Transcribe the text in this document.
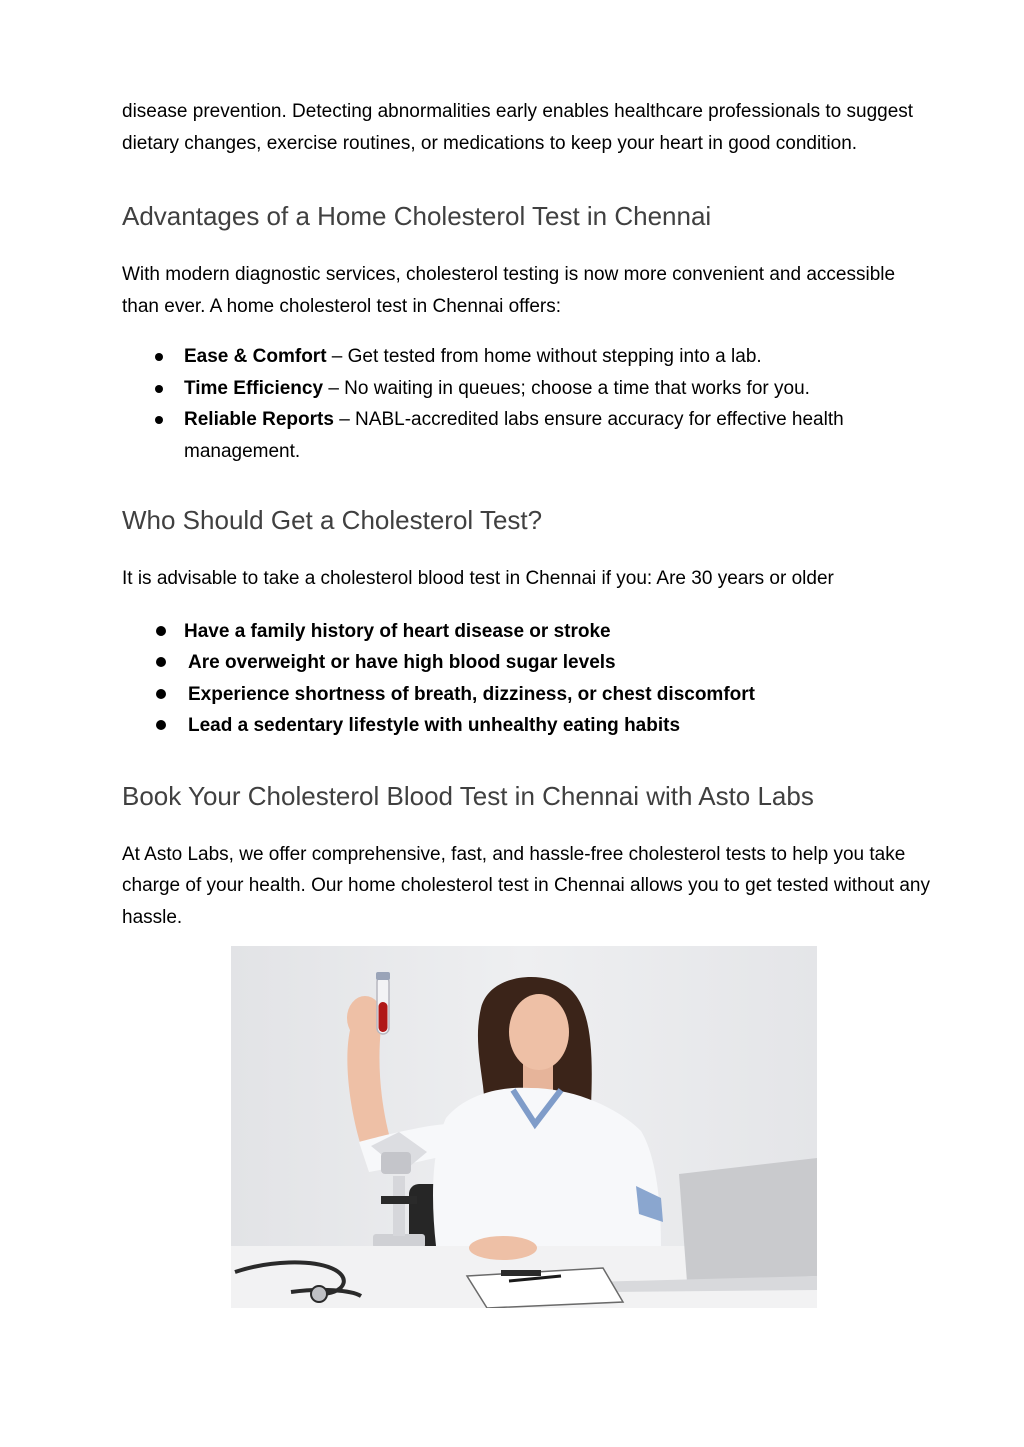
disease prevention. Detecting abnormalities early enables healthcare professionals to suggest dietary changes, exercise routines, or medications to keep your heart in good condition.

Advantages of a Home Cholesterol Test in Chennai

With modern diagnostic services, cholesterol testing is now more convenient and accessible than ever. A home cholesterol test in Chennai offers:

Ease & Comfort – Get tested from home without stepping into a lab.
Time Efficiency – No waiting in queues; choose a time that works for you.
Reliable Reports – NABL-accredited labs ensure accuracy for effective health management.
Who Should Get a Cholesterol Test?

It is advisable to take a cholesterol blood test in Chennai if you: Are 30 years or older

Have a family history of heart disease or stroke
Are overweight or have high blood sugar levels
Experience shortness of breath, dizziness, or chest discomfort
Lead a sedentary lifestyle with unhealthy eating habits
Book Your Cholesterol Blood Test in Chennai with Asto Labs

At Asto Labs, we offer comprehensive, fast, and hassle-free cholesterol tests to help you take charge of your health. Our home cholesterol test in Chennai allows you to get tested without any hassle.
